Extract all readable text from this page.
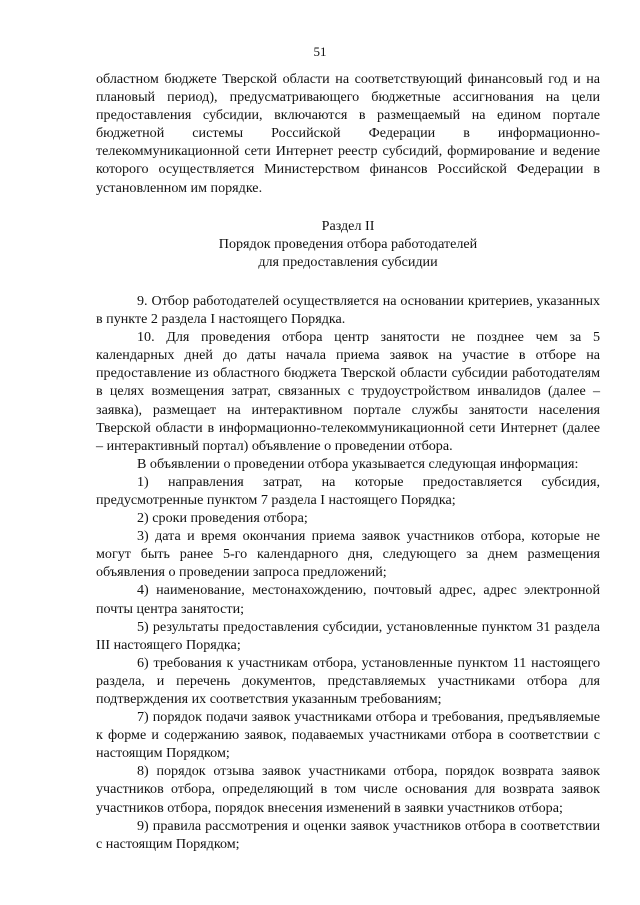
51

областном бюджете Тверской области на соответствующий финансовый год и на плановый период), предусматривающего бюджетные ассигнования на цели предоставления субсидии, включаются в размещаемый на едином портале бюджетной системы Российской Федерации в информационно-телекоммуникационной сети Интернет реестр субсидий, формирование и ведение которого осуществляется Министерством финансов Российской Федерации в установленном им порядке.

Раздел II

Порядок проведения отбора работодателей

для предоставления субсидии

9. Отбор работодателей осуществляется на основании критериев, указанных в пункте 2 раздела I настоящего Порядка.

10. Для проведения отбора центр занятости не позднее чем за 5 календарных дней до даты начала приема заявок на участие в отборе на предоставление из областного бюджета Тверской области субсидии работодателям в целях возмещения затрат, связанных с трудоустройством инвалидов (далее – заявка), размещает на интерактивном портале службы занятости населения Тверской области в информационно-телекоммуникационной сети Интернет (далее – интерактивный портал) объявление о проведении отбора.

В объявлении о проведении отбора указывается следующая информация:

1) направления затрат, на которые предоставляется субсидия, предусмотренные пунктом 7 раздела I настоящего Порядка;

2) сроки проведения отбора;

3) дата и время окончания приема заявок участников отбора, которые не могут быть ранее 5-го календарного дня, следующего за днем размещения объявления о проведении запроса предложений;

4) наименование, местонахождению, почтовый адрес, адрес электронной почты центра занятости;

5) результаты предоставления субсидии, установленные пунктом 31 раздела III настоящего Порядка;

6) требования к участникам отбора, установленные пунктом 11 настоящего раздела, и перечень документов, представляемых участниками отбора для подтверждения их соответствия указанным требованиям;

7) порядок подачи заявок участниками отбора и требования, предъявляемые к форме и содержанию заявок, подаваемых участниками отбора в соответствии с настоящим Порядком;

8) порядок отзыва заявок участниками отбора, порядок возврата заявок участников отбора, определяющий в том числе основания для возврата заявок участников отбора, порядок внесения изменений в заявки участников отбора;

9) правила рассмотрения и оценки заявок участников отбора в соответствии с настоящим Порядком;
